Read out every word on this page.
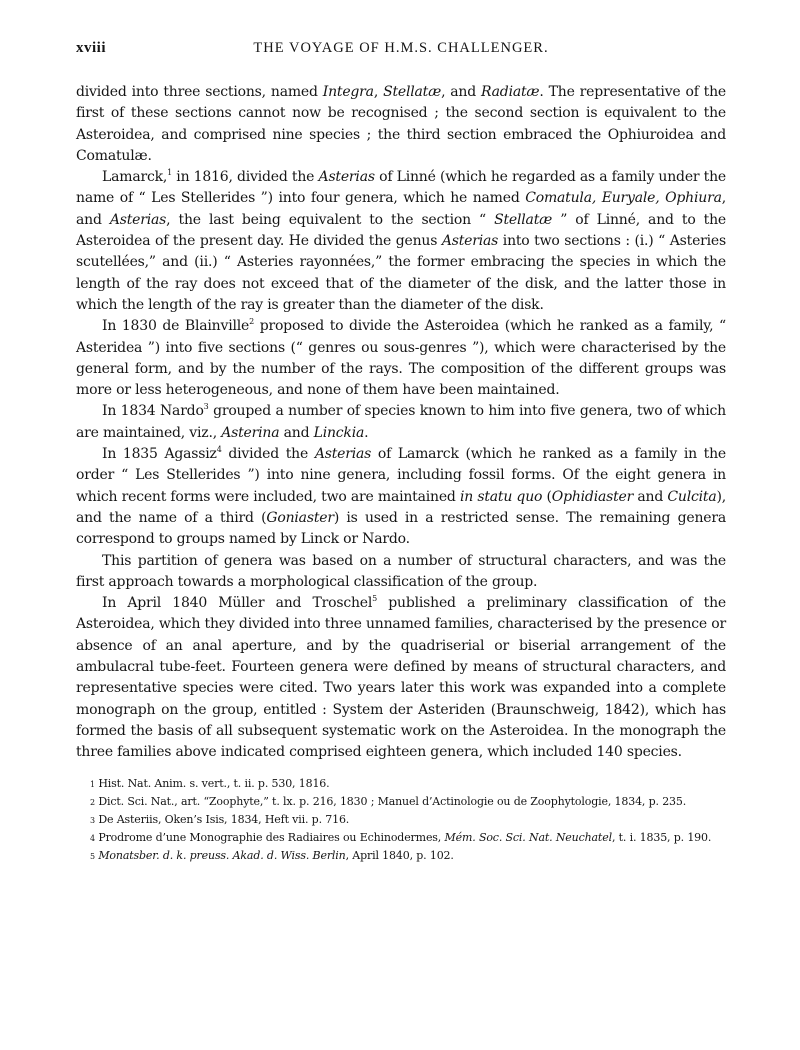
xviii	THE VOYAGE OF H.M.S. CHALLENGER.

divided into three sections, named Integra, Stellatæ, and Radiatæ. The representative of the first of these sections cannot now be recognised ; the second section is equivalent to the Asteroidea, and comprised nine species ; the third section embraced the Ophiuroidea and Comatulæ.

Lamarck,$^1$ in 1816, divided the Asterias of Linné (which he regarded as a family under the name of “ Les Stellerides ”) into four genera, which he named Comatula, Euryale, Ophiura, and Asterias, the last being equivalent to the section “ Stellatæ ” of Linné, and to the Asteroidea of the present day. He divided the genus Asterias into two sections : (i.) “ Asteries scutellées,” and (ii.) “ Asteries rayonnées,” the former embracing the species in which the length of the ray does not exceed that of the diameter of the disk, and the latter those in which the length of the ray is greater than the diameter of the disk.

In 1830 de Blainville$^2$ proposed to divide the Asteroidea (which he ranked as a family, “ Asteridea ”) into five sections (“ genres ou sous-genres ”), which were characterised by the general form, and by the number of the rays. The composition of the different groups was more or less heterogeneous, and none of them have been maintained.

In 1834 Nardo$^3$ grouped a number of species known to him into five genera, two of which are maintained, viz., Asterina and Linckia.

In 1835 Agassiz$^4$ divided the Asterias of Lamarck (which he ranked as a family in the order “ Les Stellerides ”) into nine genera, including fossil forms. Of the eight genera in which recent forms were included, two are maintained in statu quo (Ophidiaster and Culcita), and the name of a third (Goniaster) is used in a restricted sense. The remaining genera correspond to groups named by Linck or Nardo.

This partition of genera was based on a number of structural characters, and was the first approach towards a morphological classification of the group.

In April 1840 Müller and Troschel$^5$ published a preliminary classification of the Asteroidea, which they divided into three unnamed families, characterised by the presence or absence of an anal aperture, and by the quadriserial or biserial arrangement of the ambulacral tube-feet. Fourteen genera were defined by means of structural characters, and representative species were cited. Two years later this work was expanded into a complete monograph on the group, entitled : System der Asteriden (Braunschweig, 1842), which has formed the basis of all subsequent systematic work on the Asteroidea. In the monograph the three families above indicated comprised eighteen genera, which included 140 species.

1 Hist. Nat. Anim. s. vert., t. ii. p. 530, 1816.

2 Dict. Sci. Nat., art. “Zoophyte,” t. lx. p. 216, 1830 ; Manuel d’Actinologie ou de Zoophytologie, 1834, p. 235.

3 De Asteriis, Oken’s Isis, 1834, Heft vii. p. 716.

4 Prodrome d’une Monographie des Radiaires ou Echinodermes, Mém. Soc. Sci. Nat. Neuchatel, t. i. 1835, p. 190.

5 Monatsber. d. k. preuss. Akad. d. Wiss. Berlin, April 1840, p. 102.
